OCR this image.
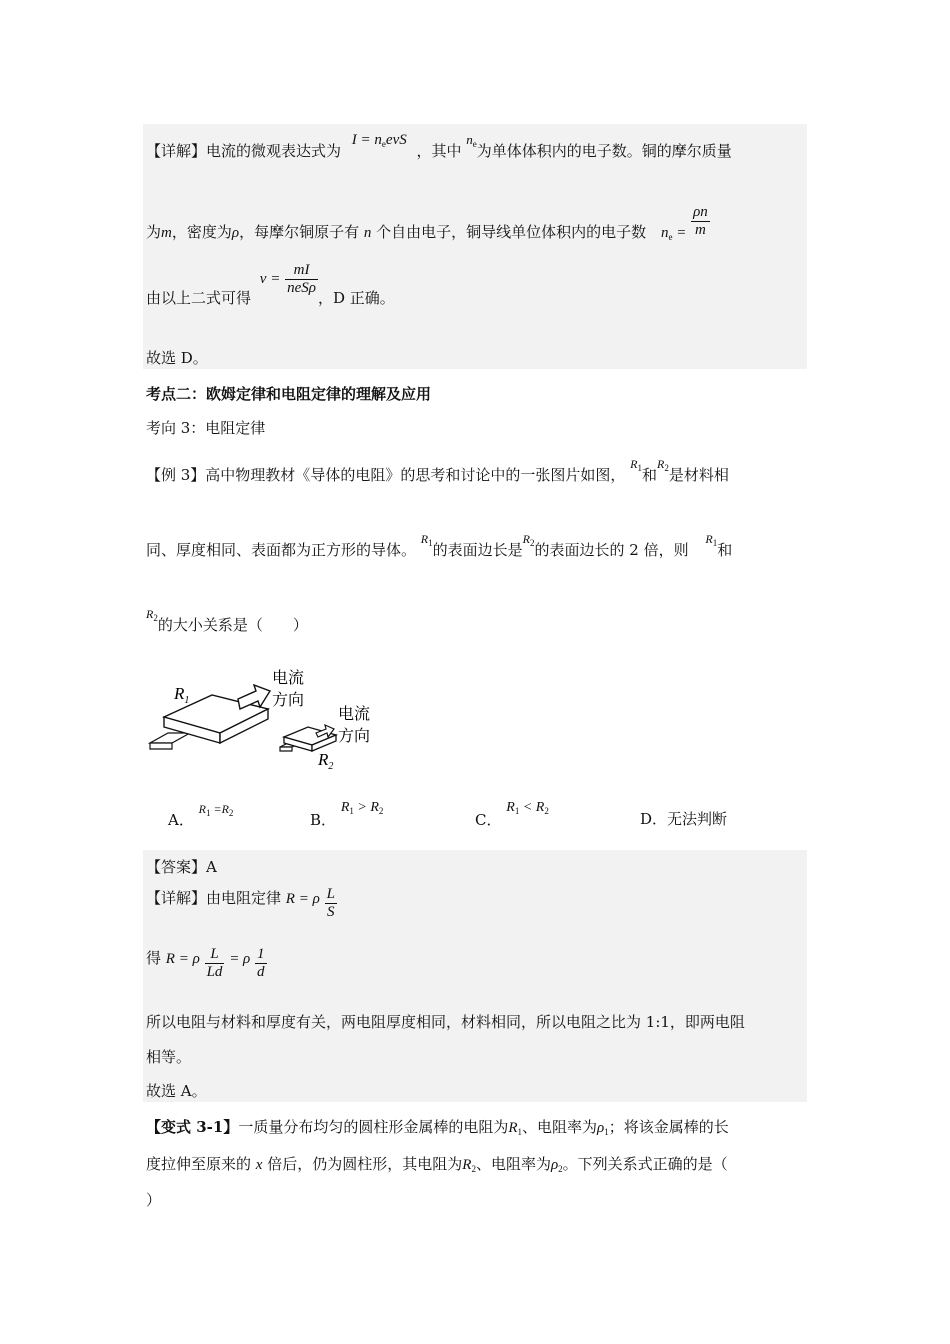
【详解】电流的微观表达式为 $I = n_eevS$ ，其中 $n_e$为单体体积内的电子数。铜的摩尔质量
为m，密度为ρ，每摩尔铜原子有 n 个自由电子，铜导线单位体积内的电子数 $n_e = \frac{\rho n}{m}$
由以上二式可得 $v = \frac{mI}{\text{neSρ}}$
，D 正确。
故选 D。
考点二：欧姆定律和电阻定律的理解及应用
考向 3：电阻定律
【例 3】高中物理教材《导体的电阻》的思考和讨论中的一张图片如图， $R_1$和$R_2$是材料相
同、厚度相同、表面都为正方形的导体。 $R_1$的表面边长是$R_2$的表面边长的 2 倍，则 $R_1$和
$R_2$的大小关系是（　　）
$R_1$
电流
方向
电流
方向
$R_2$
A． $R_1 =R_2$	B． $R_1 > R_2$	C． $R_1 < R_2$	D．无法判断
【答案】A
【详解】由电阻定律 R = ρ $\frac{L}{S}$
得 R = ρ $\frac{L}{Ld} = \rho \frac{1}{d}$
所以电阻与材料和厚度有关，两电阻厚度相同，材料相同，所以电阻之比为 1:1，即两电阻
相等。
故选 A。
【变式 3-1】一质量分布均匀的圆柱形金属棒的电阻为$R_1$、电阻率为$\rho_1$；将该金属棒的长
度拉伸至原来的 x 倍后，仍为圆柱形，其电阻为$R_2$、电阻率为$\rho_2$。下列关系式正确的是（
）
